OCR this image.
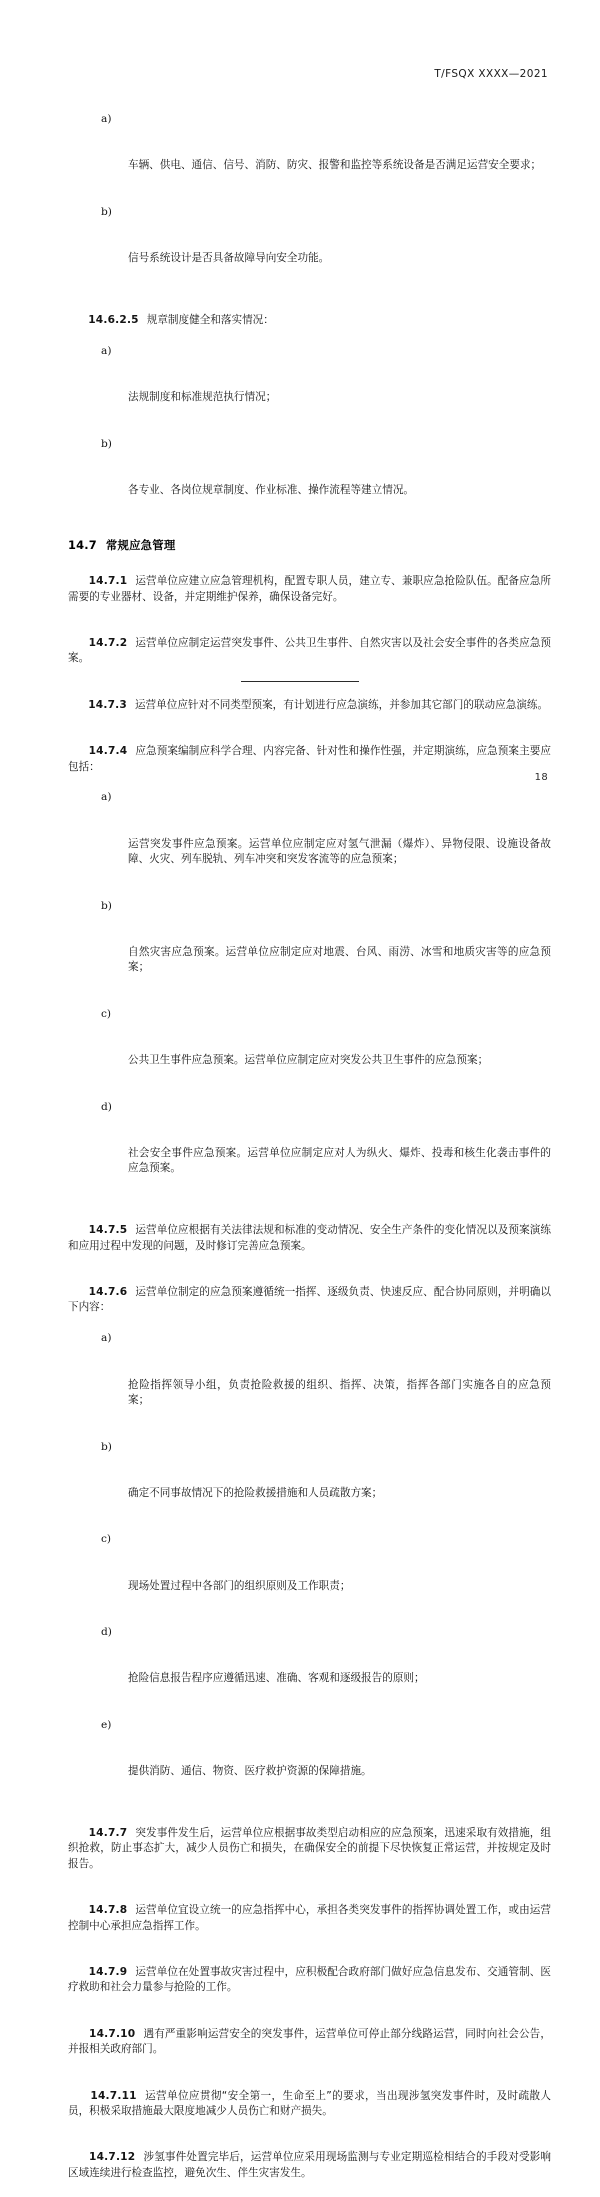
T/FSQX XXXX—2021

a)

车辆、供电、通信、信号、消防、防灾、报警和监控等系统设备是否满足运营安全要求；

b)

信号系统设计是否具备故障导向安全功能。

14.6.2.5 规章制度健全和落实情况：

a)

法规制度和标准规范执行情况；

b)

各专业、各岗位规章制度、作业标准、操作流程等建立情况。

14.7 常规应急管理

14.7.1 运营单位应建立应急管理机构，配置专职人员，建立专、兼职应急抢险队伍。配备应急所需要的专业器材、设备，并定期维护保养，确保设备完好。

14.7.2 运营单位应制定运营突发事件、公共卫生事件、自然灾害以及社会安全事件的各类应急预案。

14.7.3 运营单位应针对不同类型预案，有计划进行应急演练，并参加其它部门的联动应急演练。

14.7.4 应急预案编制应科学合理、内容完备、针对性和操作性强，并定期演练，应急预案主要应包括：

a)

运营突发事件应急预案。运营单位应制定应对氢气泄漏（爆炸）、异物侵限、设施设备故障、火灾、列车脱轨、列车冲突和突发客流等的应急预案；

b)

自然灾害应急预案。运营单位应制定应对地震、台风、雨涝、冰雪和地质灾害等的应急预案；

c)

公共卫生事件应急预案。运营单位应制定应对突发公共卫生事件的应急预案；

d)

社会安全事件应急预案。运营单位应制定应对人为纵火、爆炸、投毒和核生化袭击事件的应急预案。

14.7.5 运营单位应根据有关法律法规和标准的变动情况、安全生产条件的变化情况以及预案演练和应用过程中发现的问题，及时修订完善应急预案。

14.7.6 运营单位制定的应急预案遵循统一指挥、逐级负责、快速反应、配合协同原则，并明确以下内容：

a)

抢险指挥领导小组，负责抢险救援的组织、指挥、决策，指挥各部门实施各自的应急预案；

b)

确定不同事故情况下的抢险救援措施和人员疏散方案；

c)

现场处置过程中各部门的组织原则及工作职责；

d)

抢险信息报告程序应遵循迅速、准确、客观和逐级报告的原则；

e)

提供消防、通信、物资、医疗救护资源的保障措施。

14.7.7 突发事件发生后，运营单位应根据事故类型启动相应的应急预案，迅速采取有效措施，组织抢救，防止事态扩大，减少人员伤亡和损失，在确保安全的前提下尽快恢复正常运营，并按规定及时报告。

14.7.8 运营单位宜设立统一的应急指挥中心，承担各类突发事件的指挥协调处置工作，或由运营控制中心承担应急指挥工作。

14.7.9 运营单位在处置事故灾害过程中，应积极配合政府部门做好应急信息发布、交通管制、医疗救助和社会力量参与抢险的工作。

14.7.10 遇有严重影响运营安全的突发事件，运营单位可停止部分线路运营，同时向社会公告，并报相关政府部门。

14.7.11 运营单位应贯彻“安全第一，生命至上”的要求，当出现涉氢突发事件时，及时疏散人员，积极采取措施最大限度地减少人员伤亡和财产损失。

14.7.12 涉氢事件处置完毕后，运营单位应采用现场监测与专业定期巡检相结合的手段对受影响区域连续进行检查监控，避免次生、伴生灾害发生。

18
